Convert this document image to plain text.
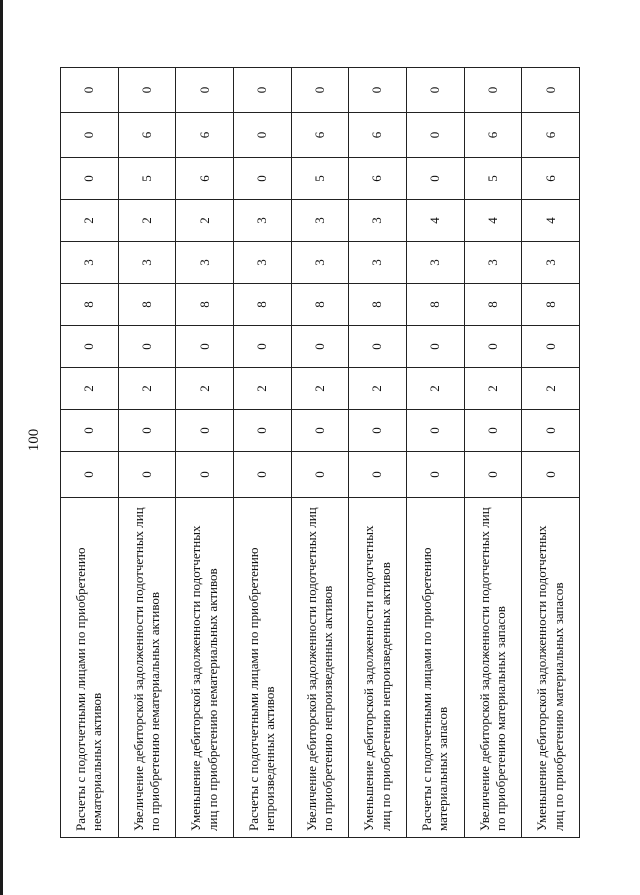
100
Расчеты с подотчетными лицами по приобретению нематериальных активов	0	0	2	0	8	3	2	0	0	0
Увеличение дебиторской задолженности подотчетных лиц по приобретению нематериальных активов	0	0	2	0	8	3	2	5	6	0
Уменьшение дебиторской задолженности подотчетных лиц по приобретению нематериальных активов	0	0	2	0	8	3	2	6	6	0
Расчеты с подотчетными лицами по приобретению непроизведенных активов	0	0	2	0	8	3	3	0	0	0
Увеличение дебиторской задолженности подотчетных лиц по приобретению непроизведенных активов	0	0	2	0	8	3	3	5	6	0
Уменьшение дебиторской задолженности подотчетных лиц по приобретению непроизведенных активов	0	0	2	0	8	3	3	6	6	0
Расчеты с подотчетными лицами по приобретению материальных запасов	0	0	2	0	8	3	4	0	0	0
Увеличение дебиторской задолженности подотчетных лиц по приобретению материальных запасов	0	0	2	0	8	3	4	5	6	0
Уменьшение дебиторской задолженности подотчетных лиц по приобретению материальных запасов	0	0	2	0	8	3	4	6	6	0
